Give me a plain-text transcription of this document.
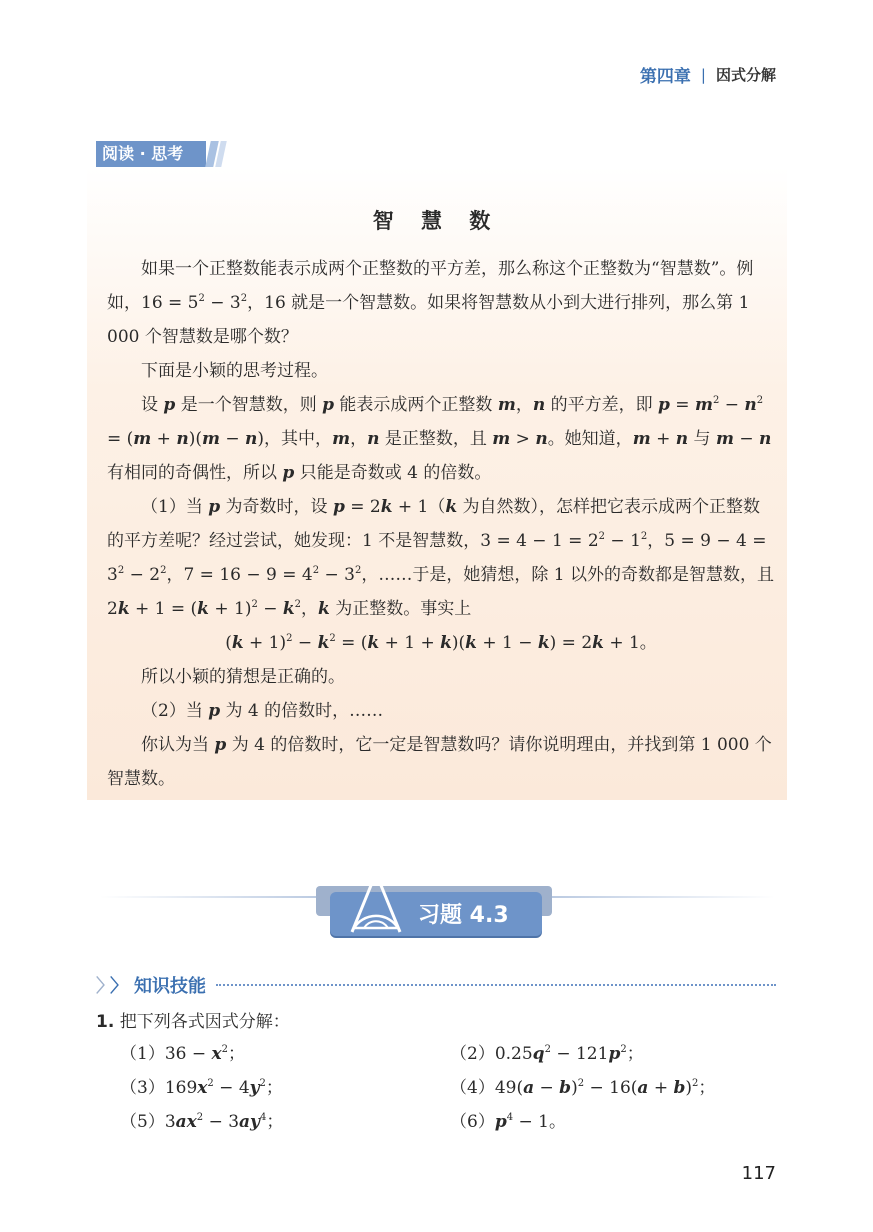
第四章 | 因式分解
阅读 · 思考
智 慧 数

如果一个正整数能表示成两个正整数的平方差，那么称这个正整数为“智慧数”。例如，$16 = 5^2 - 3^2$，16 就是一个智慧数。如果将智慧数从小到大进行排列，那么第 1 000 个智慧数是哪个数？

下面是小颖的思考过程。

设 p 是一个智慧数，则 p 能表示成两个正整数 m，n 的平方差，即 $p = m^2 - n^2 = (m + n)(m - n)$，其中，m，n 是正整数，且 m > n。她知道，m + n 与 m − n 有相同的奇偶性，所以 p 只能是奇数或 4 的倍数。

（1）当 p 为奇数时，设 p = 2k + 1（k 为自然数），怎样把它表示成两个正整数的平方差呢？经过尝试，她发现：1 不是智慧数，$3 = 4 - 1 = 2^2 - 1^2$，$5 = 9 - 4 = 3^2 - 2^2$，$7 = 16 - 9 = 4^2 - 3^2$，……于是，她猜想，除 1 以外的奇数都是智慧数，且 $2k + 1 = (k + 1)^2 - k^2$，k 为正整数。事实上

$(k + 1)^2 - k^2 = (k + 1 + k)(k + 1 - k) = 2k + 1$。

所以小颖的猜想是正确的。

（2）当 p 为 4 的倍数时，……

你认为当 p 为 4 的倍数时，它一定是智慧数吗？请你说明理由，并找到第 1 000 个智慧数。

习题 4.3
〉
〉 知识技能
1. 把下列各式因式分解：
$(1)36 - x^2$；	$(2)0.25q^2 - 121p^2$；
$(3)169x^2 - 4y^2$；	$(4)49(a - b)^2 - 16(a + b)^2$；
$(5)3ax^2 - 3ay^4$；	$(6)p^4 - 1$。
117
